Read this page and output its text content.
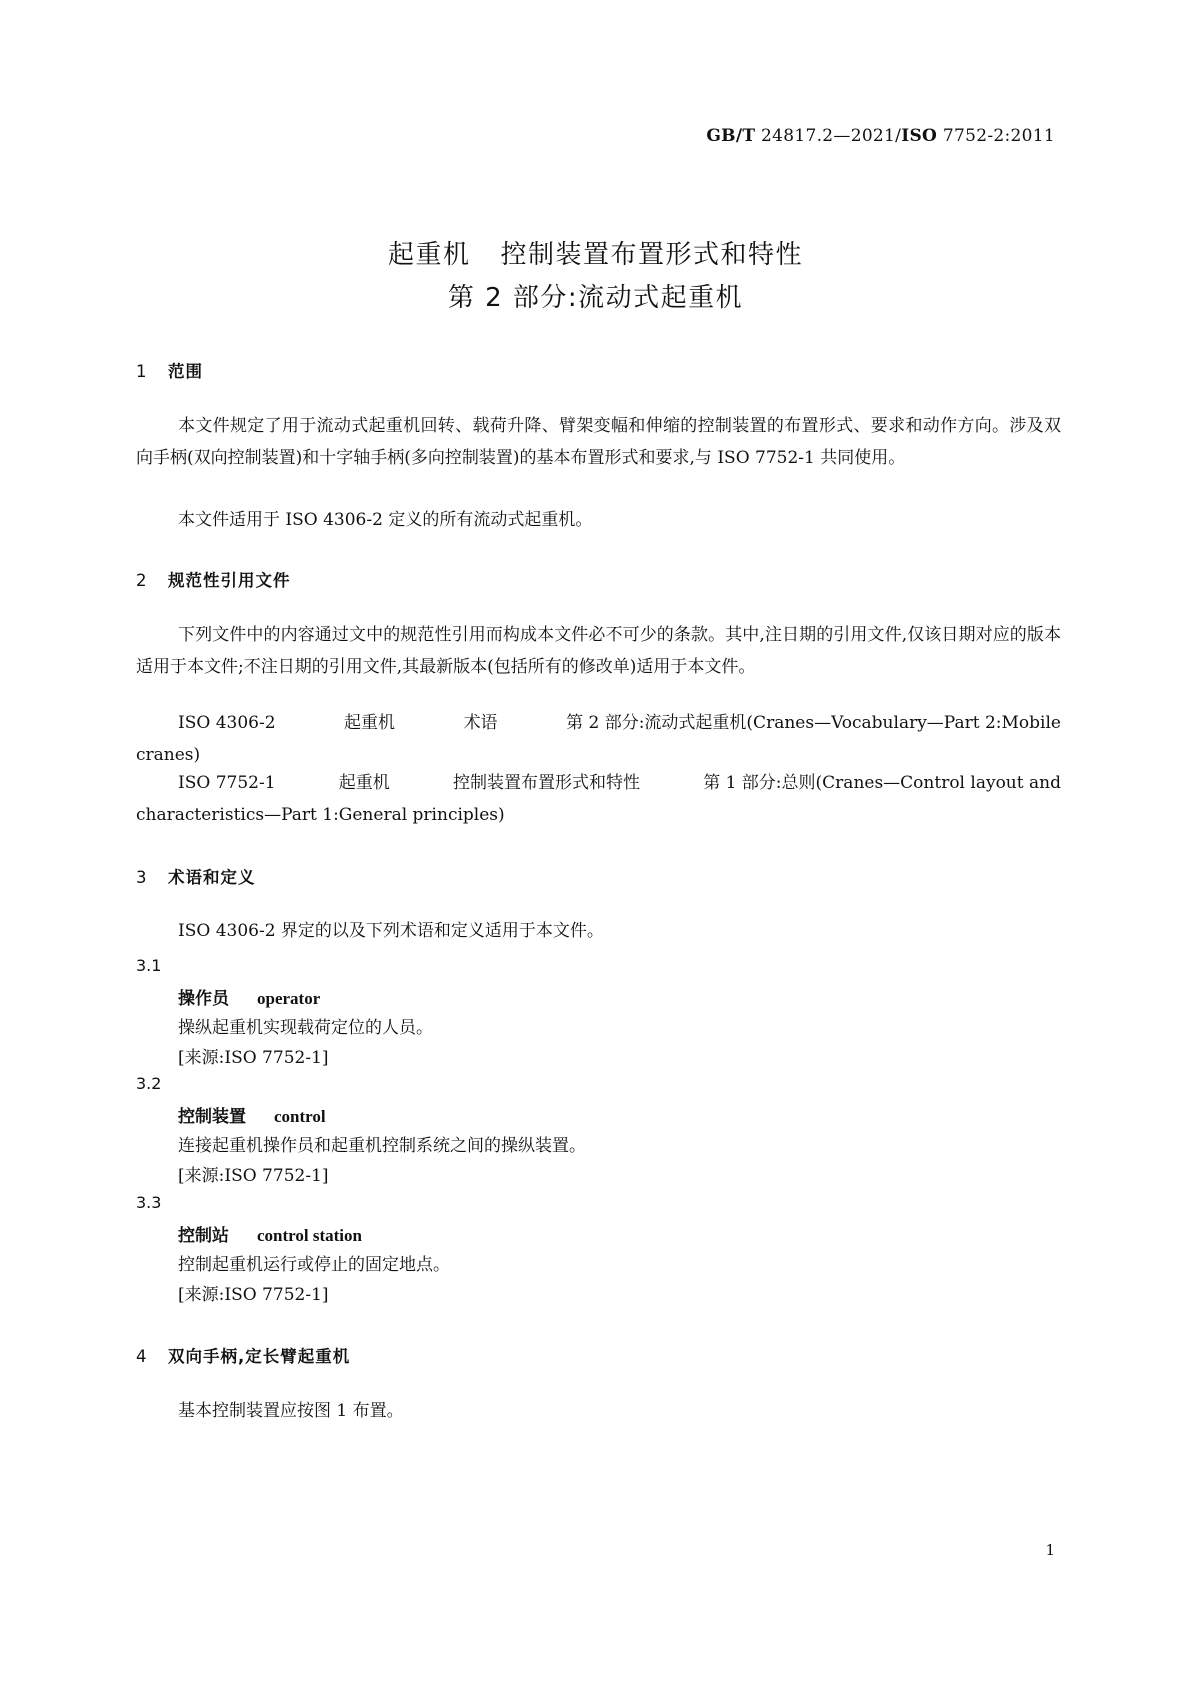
GB/T 24817.2—2021/ISO 7752-2:2011
起重机 控制装置布置形式和特性
第 2 部分:流动式起重机
1 范围

本文件规定了用于流动式起重机回转、载荷升降、臂架变幅和伸缩的控制装置的布置形式、要求和动作方向。涉及双向手柄(双向控制装置)和十字轴手柄(多向控制装置)的基本布置形式和要求,与 ISO 7752-1 共同使用。

本文件适用于 ISO 4306-2 定义的所有流动式起重机。

2 规范性引用文件

下列文件中的内容通过文中的规范性引用而构成本文件必不可少的条款。其中,注日期的引用文件,仅该日期对应的版本适用于本文件;不注日期的引用文件,其最新版本(包括所有的修改单)适用于本文件。

ISO 4306-2	起重机	术语	第 2 部分:流动式起重机(Cranes—Vocabulary—Part 2:Mobile
cranes)
ISO 7752-1	起重机	控制装置布置形式和特性	第 1 部分:总则(Cranes—Control layout and
characteristics—Part 1:General principles)
3 术语和定义

ISO 4306-2 界定的以及下列术语和定义适用于本文件。

3.1
操作员 operator
操纵起重机实现载荷定位的人员。
[来源:ISO 7752-1]
3.2
控制装置 control
连接起重机操作员和起重机控制系统之间的操纵装置。
[来源:ISO 7752-1]
3.3
控制站 control station
控制起重机运行或停止的固定地点。
[来源:ISO 7752-1]
4 双向手柄,定长臂起重机

基本控制装置应按图 1 布置。

1
